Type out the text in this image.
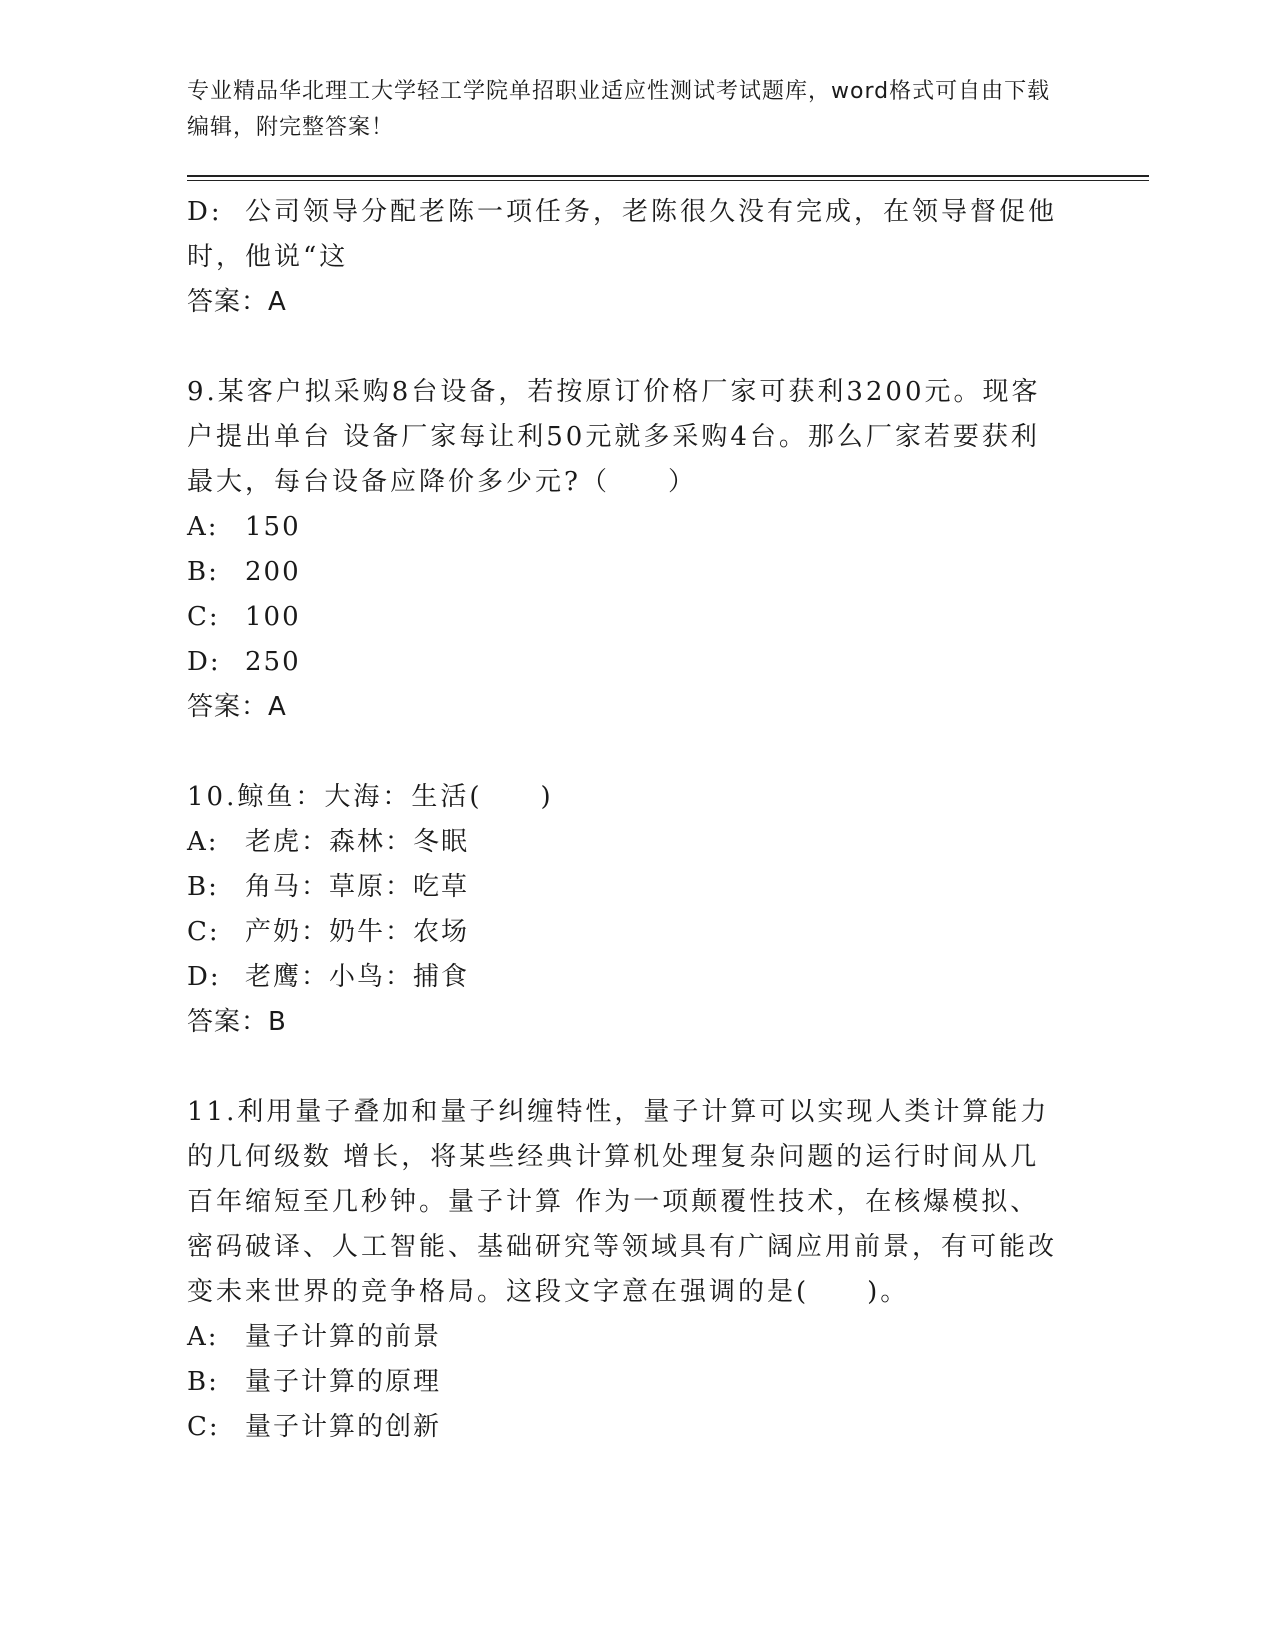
专业精品华北理工大学轻工学院单招职业适应性测试考试题库，word格式可自由下载编辑，附完整答案！

D: 公司领导分配老陈一项任务，老陈很久没有完成，在领导督促他时，他说“这

答案：A

9.某客户拟采购8台设备，若按原订价格厂家可获利3200元。现客户提出单台 设备厂家每让利50元就多采购4台。那么厂家若要获利最大，每台设备应降价多少元?（　　）

A: 150

B: 200

C: 100

D: 250

答案：A

10.鲸鱼：大海：生活(　　)

A: 老虎：森林：冬眠

B: 角马：草原：吃草

C: 产奶：奶牛：农场

D: 老鹰：小鸟：捕食

答案：B

11.利用量子叠加和量子纠缠特性，量子计算可以实现人类计算能力的几何级数 增长，将某些经典计算机处理复杂问题的运行时间从几百年缩短至几秒钟。量子计算 作为一项颠覆性技术，在核爆模拟、密码破译、人工智能、基础研究等领域具有广阔应用前景，有可能改变未来世界的竞争格局。这段文字意在强调的是(　　)。

A: 量子计算的前景

B: 量子计算的原理

C: 量子计算的创新
